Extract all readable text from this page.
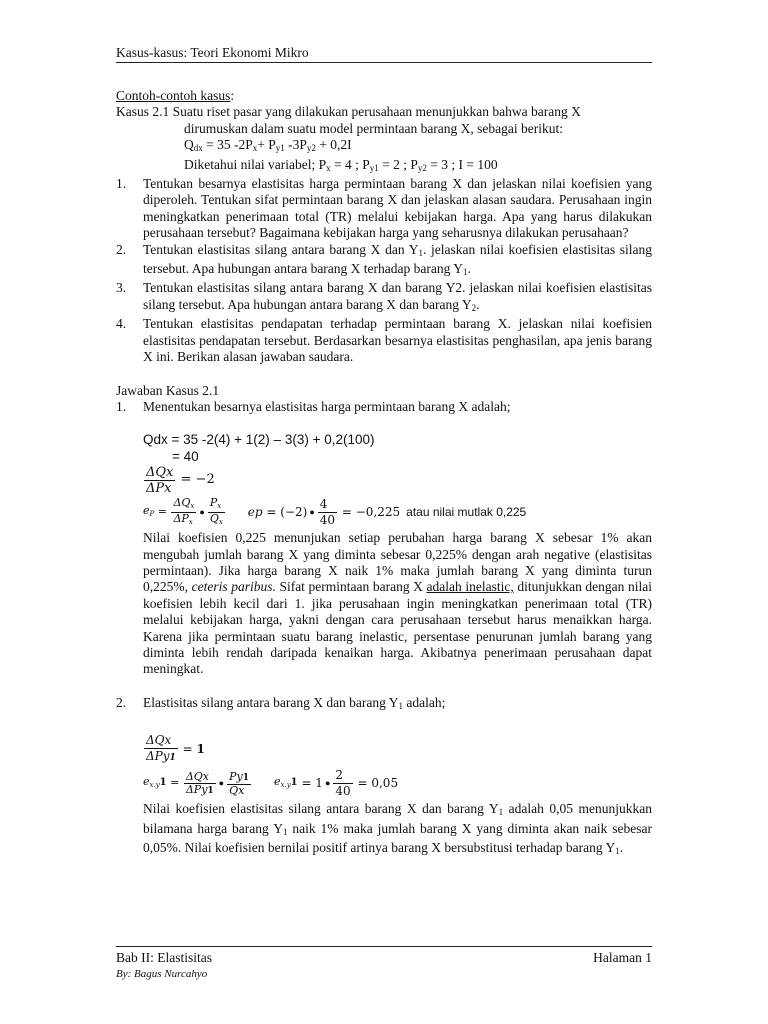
Kasus-kasus: Teori Ekonomi Mikro
Contoh-contoh kasus:
Kasus 2.1 Suatu riset pasar yang dilakukan perusahaan menunjukkan bahwa barang X
dirumuskan dalam suatu model permintaan barang X, sebagai berikut:
$Q_{dx} = 35$ $-2P_x+ P_{y1}$ $-3P_{y2} + 0,2I$
Diketahui nilai variabel; $P_x = 4$ ; $P_{y1} = 2$ ; $P_{y2} = 3$ ; I = 100
1. Tentukan besarnya elastisitas harga permintaan barang X dan jelaskan nilai koefisien yang diperoleh. Tentukan sifat permintaan barang X dan jelaskan alasan saudara. Perusahaan ingin meningkatkan penerimaan total (TR) melalui kebijakan harga. Apa yang harus dilakukan perusahaan tersebut? Bagaimana kebijakan harga yang seharusnya dilakukan perusahaan?
2. Tentukan elastisitas silang antara barang X dan $Y_1$. jelaskan nilai koefisien elastisitas silang tersebut. Apa hubungan antara barang X terhadap barang $Y_1$.
3. Tentukan elastisitas silang antara barang X dan barang Y2. jelaskan nilai koefisien elastisitas silang tersebut. Apa hubungan antara barang X dan barang $Y_2$.
4. Tentukan elastisitas pendapatan terhadap permintaan barang X. jelaskan nilai koefisien elastisitas pendapatan tersebut. Berdasarkan besarnya elastisitas penghasilan, apa jenis barang X ini. Berikan alasan jawaban saudara.
Jawaban Kasus 2.1
1. Menentukan besarnya elastisitas harga permintaan barang X adalah;
Qdx = 35 -2(4) + 1(2) – 3(3) + 0,2(100)
= 40
$\frac{\text{ΔQx}}{\text{ΔPx}} = -2$
eP = $\frac{\text{ΔQx}}{\text{ΔPx}}$ ● $\frac{Px}{Qx}$ ep = (−2) ● $\frac{4}{40} = -0,225$ atau nilai mutlak 0,225
Nilai koefisien 0,225 menunjukan setiap perubahan harga barang X sebesar 1% akan mengubah jumlah barang X yang diminta sebesar 0,225% dengan arah negative (elastisitas permintaan). Jika harga barang X naik 1% maka jumlah barang X yang diminta turun 0,225%, ceteris paribus. Sifat permintaan barang X adalah inelastic, ditunjukkan dengan nilai koefisien lebih kecil dari 1. jika perusahaan ingin meningkatkan penerimaan total (TR) melalui kebijakan harga, yakni dengan cara perusahaan tersebut harus menaikkan harga. Karena jika permintaan suatu barang inelastic, persentase penurunan jumlah barang yang diminta lebih rendah daripada kenaikan harga. Akibatnya penerimaan perusahaan dapat meningkat.
2. Elastisitas silang antara barang X dan barang $Y_1$ adalah;
$\frac{\text{ΔQx}}{\text{ΔPy1}} = 1$
$ex.y1 = \frac{\text{ΔQx}}{\text{ΔPy1}}$ ● $\frac{Py1}{Qx} ex.y1 = 1$ ● $\frac{2}{40} = 0,05$
Nilai koefisien elastisitas silang antara barang X dan barang $Y_1$ adalah 0,05 menunjukkan bilamana harga barang $Y_1$ naik 1% maka jumlah barang X yang diminta akan naik sebesar 0,05%. Nilai koefisien bernilai positif artinya barang X bersubstitusi terhadap barang $Y_1$.
Bab II: Elastisitas	Halaman 1
By: Bagus Nurcahyo
